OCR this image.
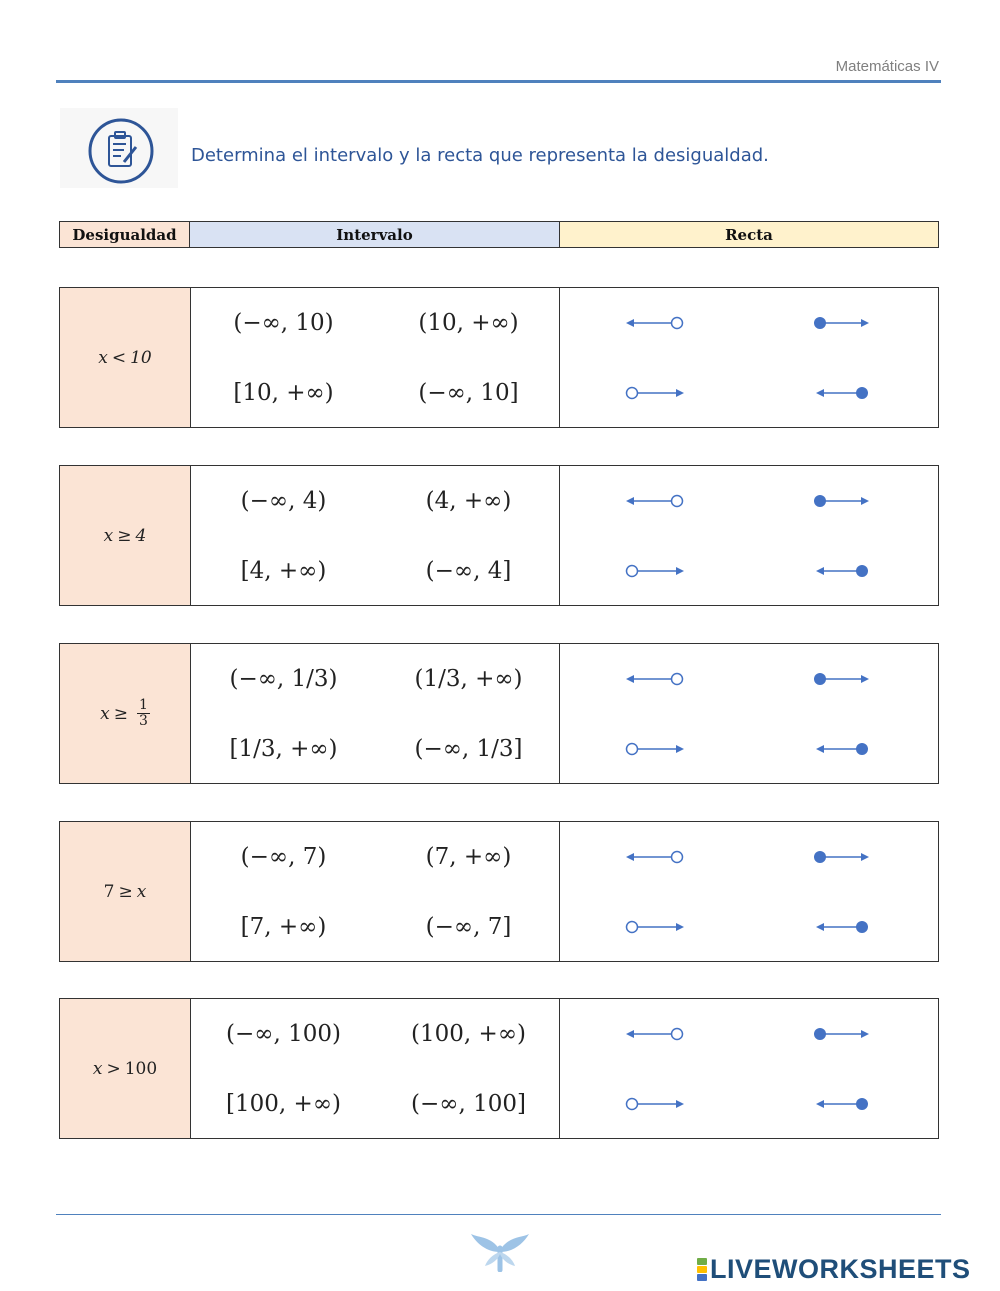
Matemáticas IV
Determina el intervalo y la recta que representa la desigualdad.
Desigualdad	Intervalo	Recta
x < 10
(−∞, 10)	(10, +∞)
[10, +∞)	(−∞, 10]
x ≥ 4
(−∞, 4)	(4, +∞)
[4, +∞)	(−∞, 4]
$x \ge \frac{1}{3}$
(−∞, 1/3)	(1/3, +∞)
[1/3, +∞)	(−∞, 1/3]
7 ≥ x
(−∞, 7)	(7, +∞)
[7, +∞)	(−∞, 7]
x > 100
(−∞, 100)	(100, +∞)
[100, +∞)	(−∞, 100]
LIVEWORKSHEETS
